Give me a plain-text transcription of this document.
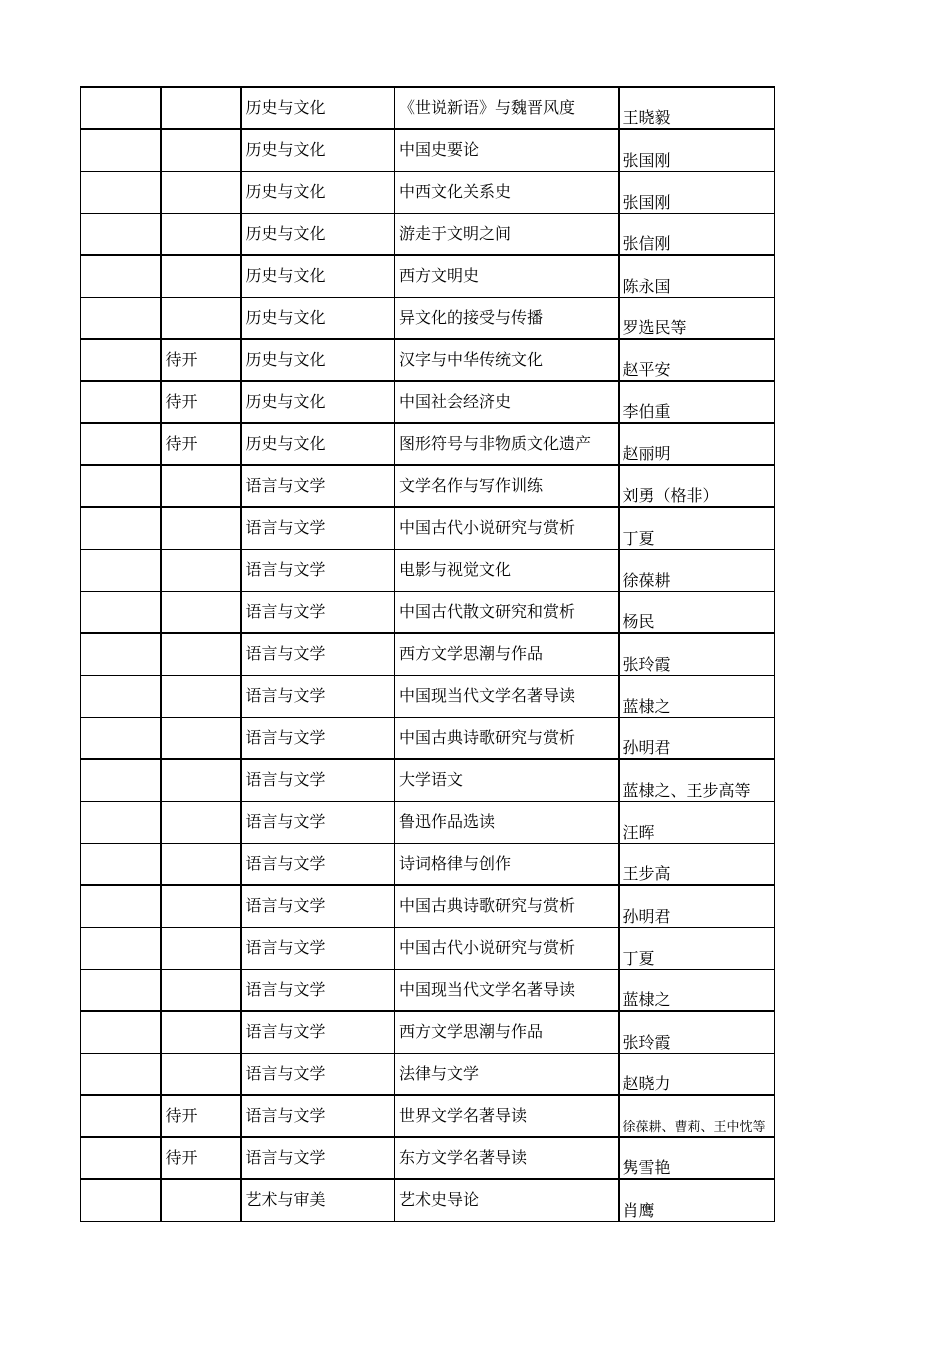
		历史与文化	《世说新语》与魏晋风度	王晓毅
		历史与文化	中国史要论	张国刚
		历史与文化	中西文化关系史	张国刚
		历史与文化	游走于文明之间	张信刚
		历史与文化	西方文明史	陈永国
		历史与文化	异文化的接受与传播	罗选民等
	待开	历史与文化	汉字与中华传统文化	赵平安
	待开	历史与文化	中国社会经济史	李伯重
	待开	历史与文化	图形符号与非物质文化遗产	赵丽明
		语言与文学	文学名作与写作训练	刘勇（格非）
		语言与文学	中国古代小说研究与赏析	丁夏
		语言与文学	电影与视觉文化	徐葆耕
		语言与文学	中国古代散文研究和赏析	杨民
		语言与文学	西方文学思潮与作品	张玲霞
		语言与文学	中国现当代文学名著导读	蓝棣之
		语言与文学	中国古典诗歌研究与赏析	孙明君
		语言与文学	大学语文	蓝棣之、王步高等
		语言与文学	鲁迅作品选读	汪晖
		语言与文学	诗词格律与创作	王步高
		语言与文学	中国古典诗歌研究与赏析	孙明君
		语言与文学	中国古代小说研究与赏析	丁夏
		语言与文学	中国现当代文学名著导读	蓝棣之
		语言与文学	西方文学思潮与作品	张玲霞
		语言与文学	法律与文学	赵晓力
	待开	语言与文学	世界文学名著导读	徐葆耕、曹莉、王中忱等
	待开	语言与文学	东方文学名著导读	隽雪艳
		艺术与审美	艺术史导论	肖鹰
